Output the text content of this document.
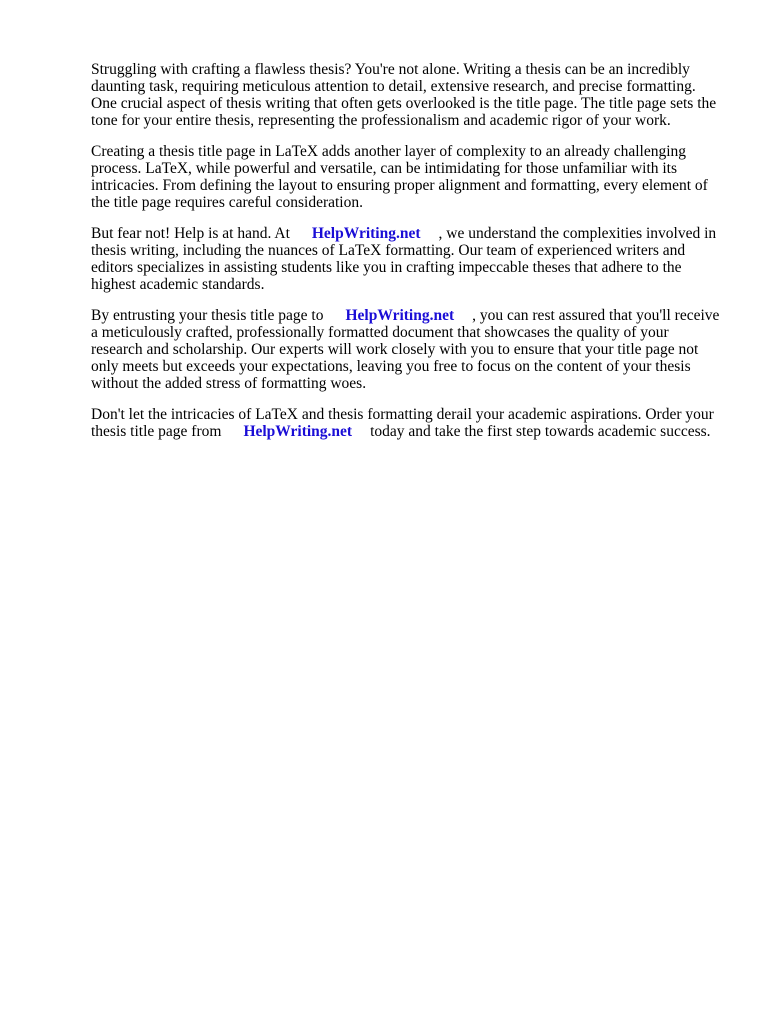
Struggling with crafting a flawless thesis? You're not alone. Writing a thesis can be an incredibly daunting task, requiring meticulous attention to detail, extensive research, and precise formatting. One crucial aspect of thesis writing that often gets overlooked is the title page. The title page sets the tone for your entire thesis, representing the professionalism and academic rigor of your work.

Creating a thesis title page in LaTeX adds another layer of complexity to an already challenging process. LaTeX, while powerful and versatile, can be intimidating for those unfamiliar with its intricacies. From defining the layout to ensuring proper alignment and formatting, every element of the title page requires careful consideration.

But fear not! Help is at hand. At HelpWriting.net , we understand the complexities involved in thesis writing, including the nuances of LaTeX formatting. Our team of experienced writers and editors specializes in assisting students like you in crafting impeccable theses that adhere to the highest academic standards.

By entrusting your thesis title page to HelpWriting.net , you can rest assured that you'll receive a meticulously crafted, professionally formatted document that showcases the quality of your research and scholarship. Our experts will work closely with you to ensure that your title page not only meets but exceeds your expectations, leaving you free to focus on the content of your thesis without the added stress of formatting woes.

Don't let the intricacies of LaTeX and thesis formatting derail your academic aspirations. Order your thesis title page from HelpWriting.net today and take the first step towards academic success.
